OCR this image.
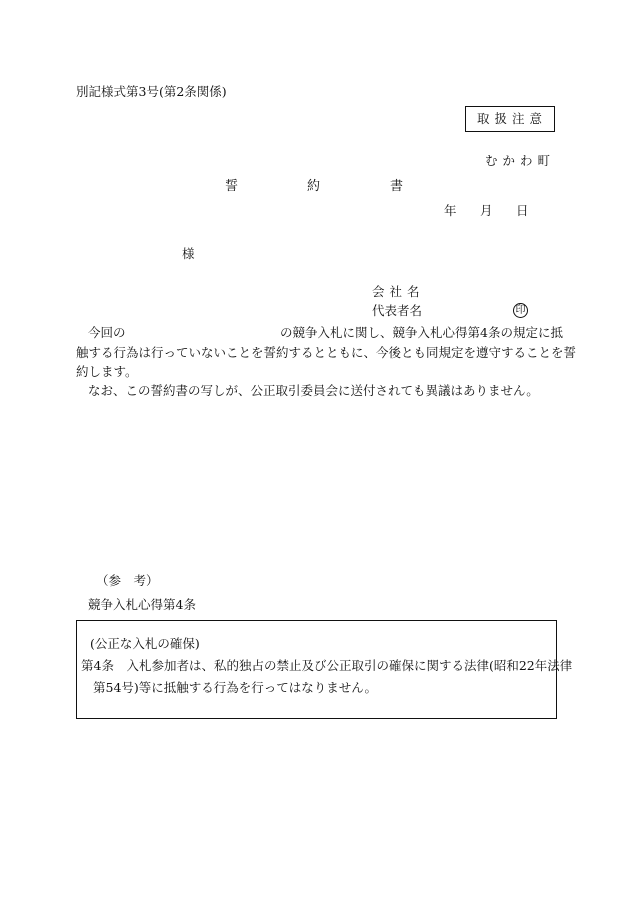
別記様式第3号(第2条関係)
取扱注意
むかわ町
誓	約	書
年 月 日
様
会社名
代表者名	印
今回の	の競争入札に関し、競争入札心得第4条の規定に抵
触する行為は行っていないことを誓約するとともに、今後とも同規定を遵守することを誓
約します。
なお、この誓約書の写しが、公正取引委員会に送付されても異議はありません。
（参　考）
競争入札心得第4条
(公正な入札の確保)
第4条　入札参加者は、私的独占の禁止及び公正取引の確保に関する法律(昭和22年法律
第54号)等に抵触する行為を行ってはなりません。
